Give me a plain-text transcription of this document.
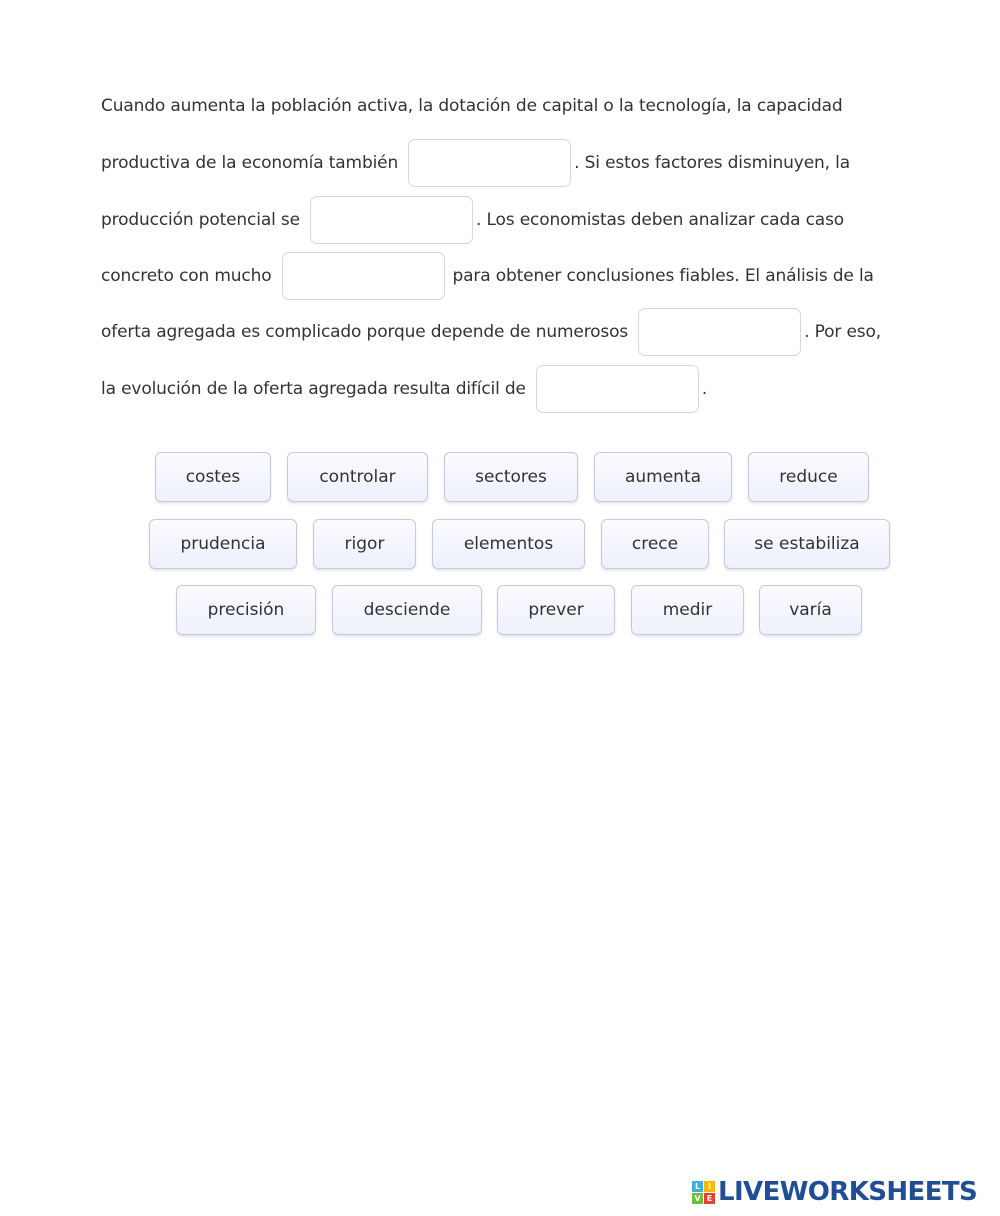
Cuando aumenta la población activa, la dotación de capital o la tecnología, la capacidad
productiva de la economía también	. Si estos factores disminuyen, la
producción potencial se	. Los economistas deben analizar cada caso
concreto con mucho	para obtener conclusiones fiables. El análisis de la
oferta agregada es complicado porque depende de numerosos	. Por eso,
la evolución de la oferta agregada resulta difícil de	.
costes	controlar	sectores	aumenta	reduce
prudencia	rigor	elementos	crece	se estabiliza
precisión	desciende	prever	medir	varía
L I
V E LIVEWORKSHEETS
